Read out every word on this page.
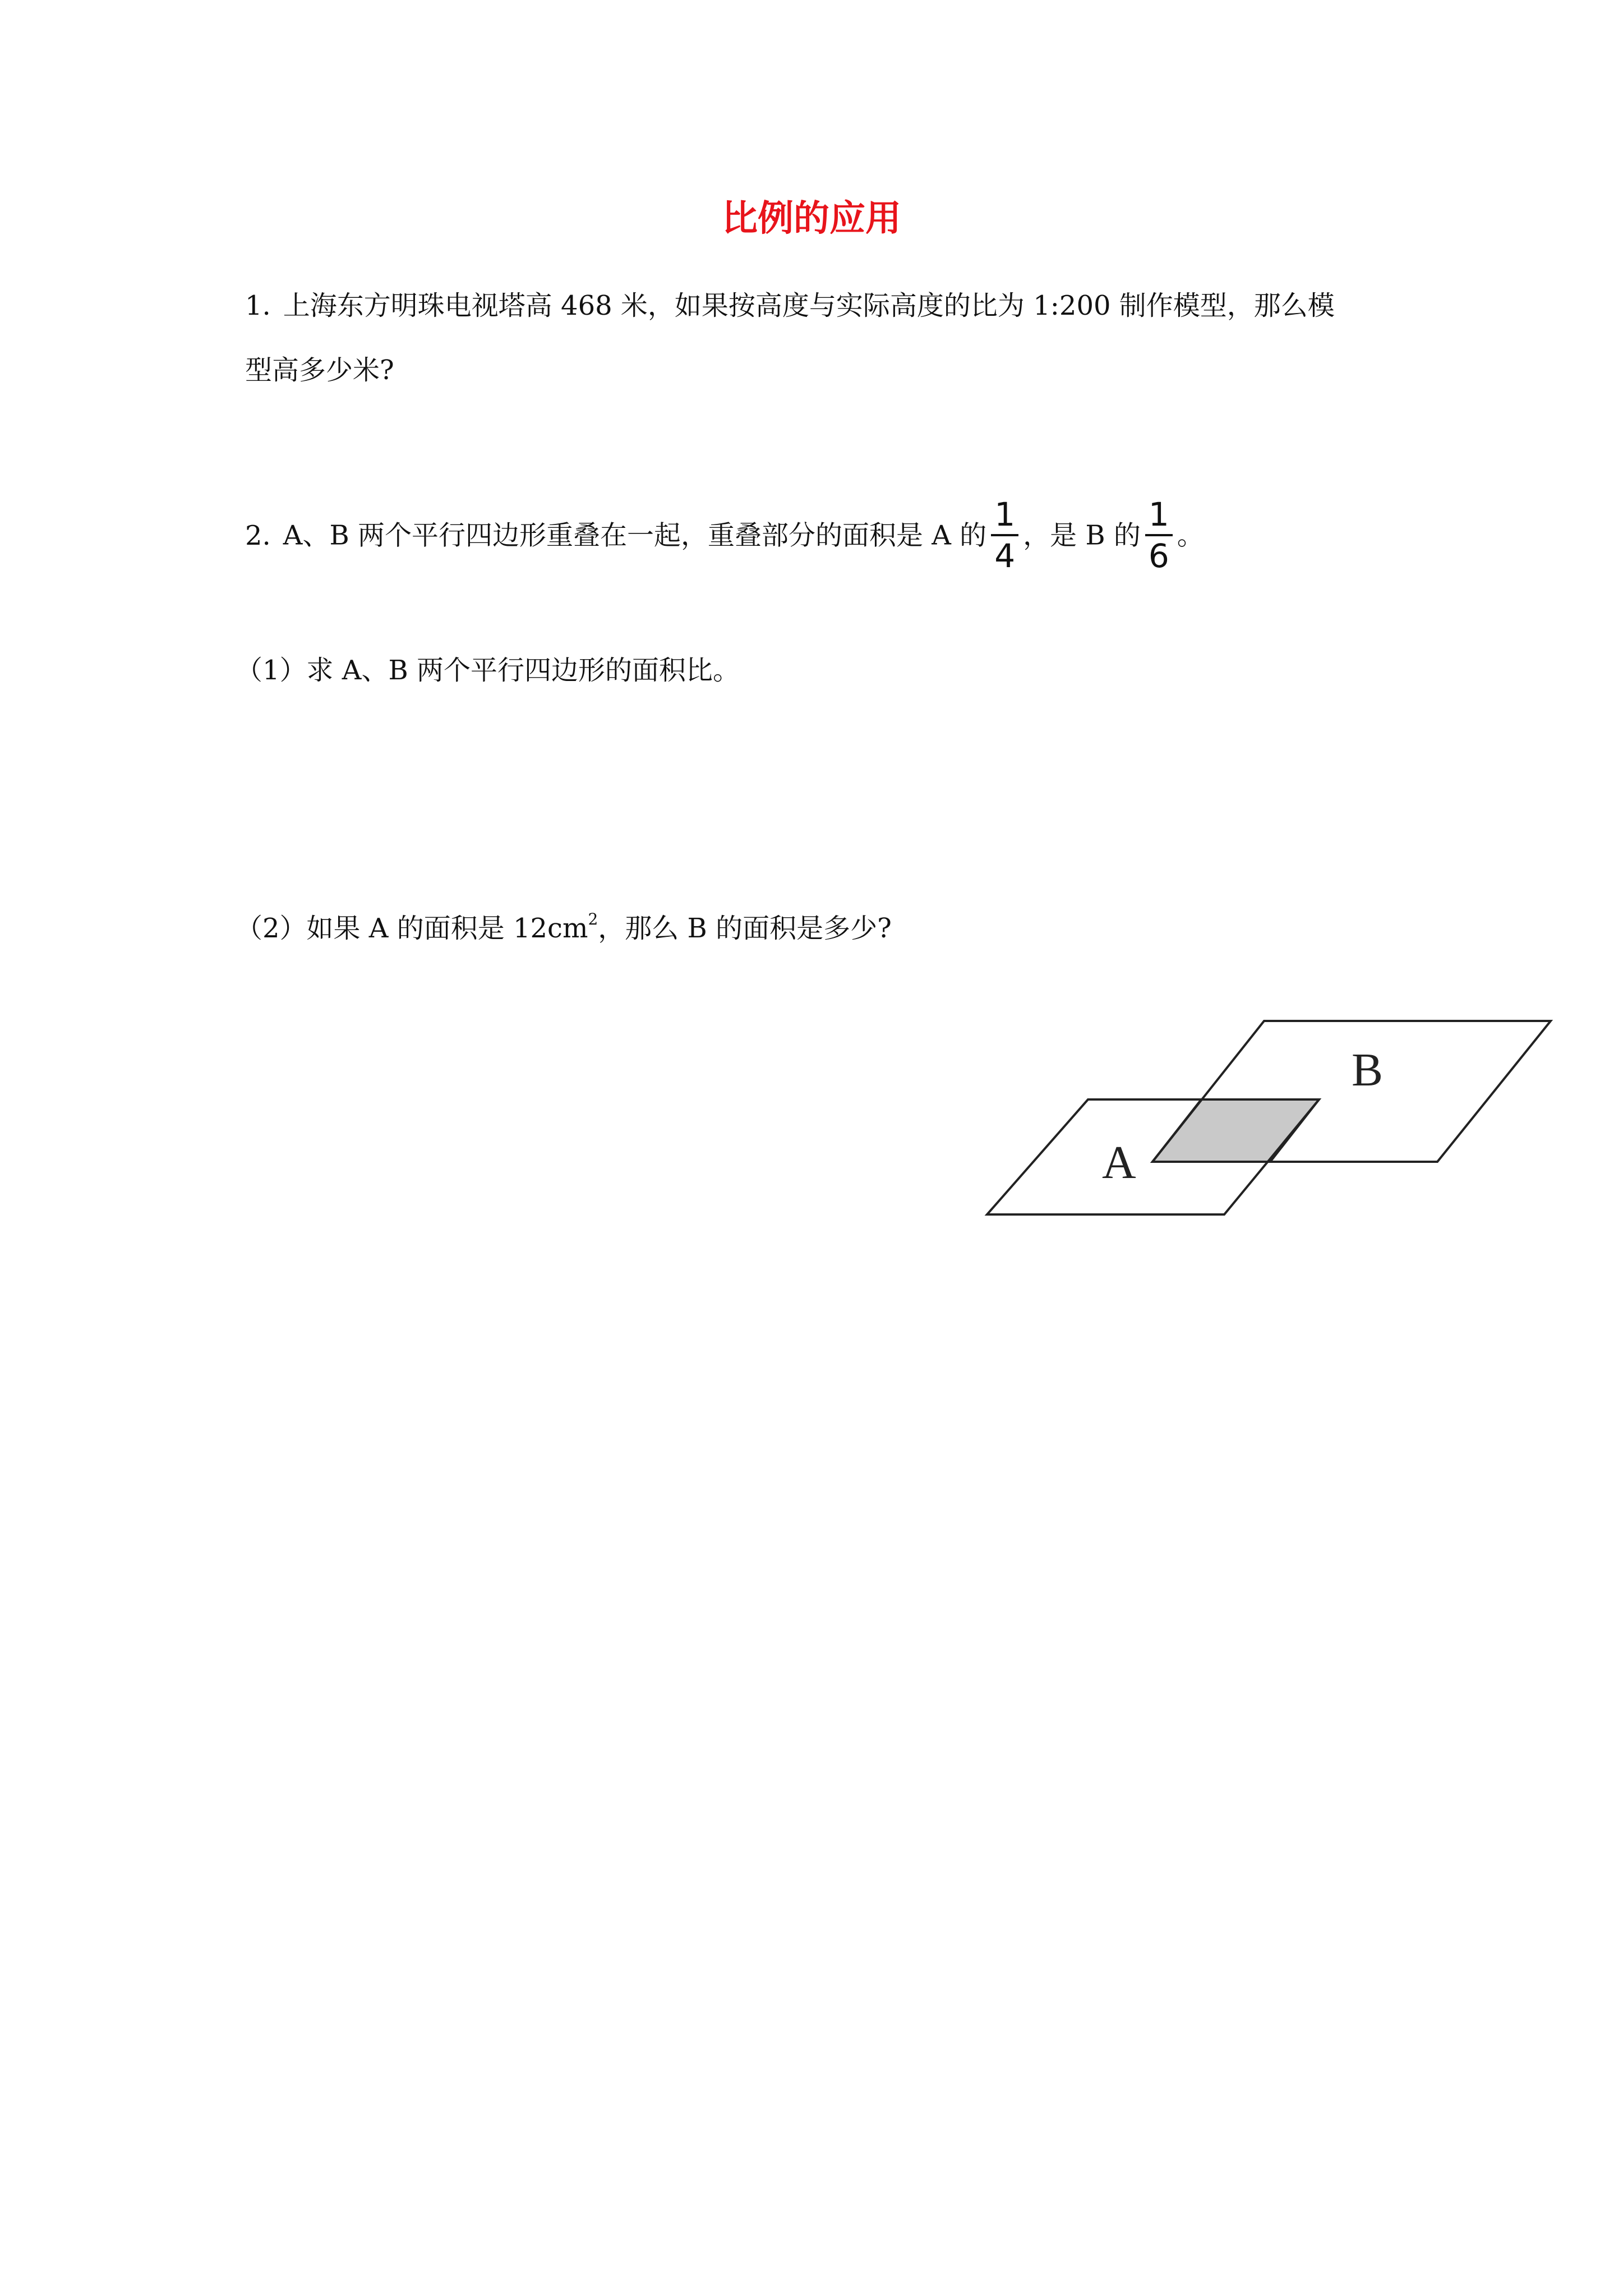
比例的应用
1. 上海东方明珠电视塔高 468 米，如果按高度与实际高度的比为 1:200 制作模型，那么模
型高多少米?
2. A、B 两个平行四边形重叠在一起，重叠部分的面积是 A 的 $\frac{1}{4}$ ，是 B 的 $\frac{1}{6}$ 。
（1）求 A、B 两个平行四边形的面积比。
（2）如果 A 的面积是 $12cm^2$，那么 B 的面积是多少?
A
B
